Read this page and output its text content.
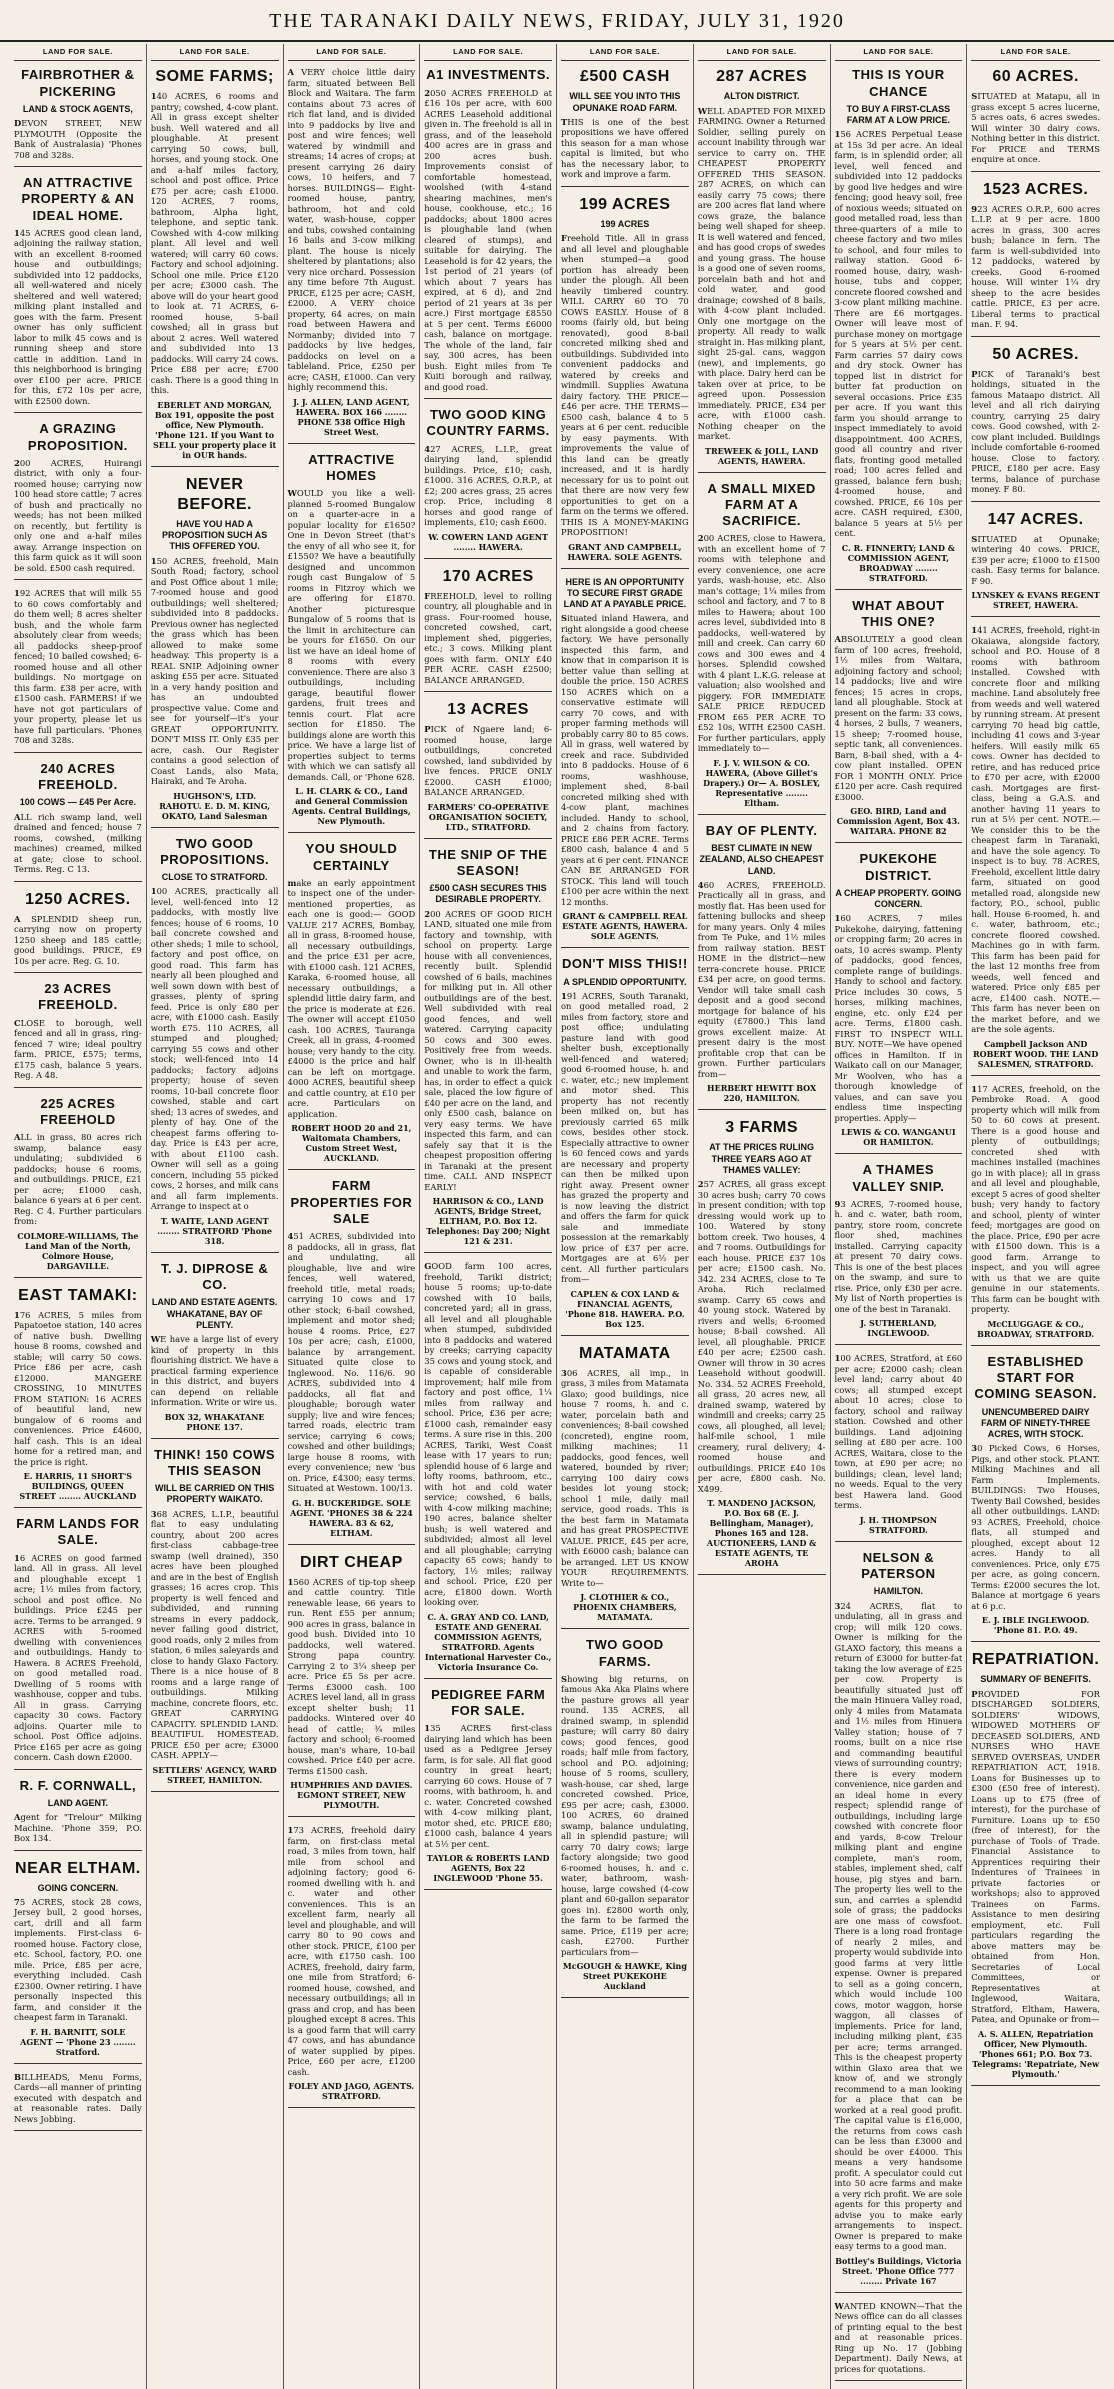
THE TARANAKI DAILY NEWS, FRIDAY, JULY 31, 1920
LAND FOR SALE.
FAIRBROTHER & PICKERING
LAND & STOCK AGENTS,

DEVON STREET, NEW PLYMOUTH (Opposite the Bank of Australasia) 'Phones 708 and 328s.

AN ATTRACTIVE PROPERTY & AN IDEAL HOME.

145 ACRES good clean land, adjoining the railway station, with an excellent 8-roomed house and outbuildings; subdivided into 12 paddocks, all well-watered and nicely sheltered and well watered; milking plant installed and goes with the farm. Present owner has only sufficient labor to milk 45 cows and is running sheep and store cattle in addition. Land in this neighborhood is bringing over £100 per acre. PRICE for this, £72 10s per acre, with £2500 down.

A GRAZING PROPOSITION.

200 ACRES, Huirangi district, with only a four-roomed house; carrying now 100 head store cattle; 7 acres of bush and practically no weeds; has not been milked on recently, but fertility is only one and a-half miles away. Arrange inspection on this farm quick as it will soon be sold. £500 cash required.

192 ACRES that will milk 55 to 60 cows comfortably and do them well; 8 acres shelter bush, and the whole farm absolutely clear from weeds; all paddocks sheep-proof fenced; 10 bailed cowshed; 6-roomed house and all other buildings. No mortgage on this farm. £38 per acre, with £1500 cash. FARMERS! if we have not got particulars of your property, please let us have full particulars. 'Phones 708 and 328s.

240 ACRES FREEHOLD.
100 COWS — £45 Per Acre.

ALL rich swamp land, well drained and fenced; house 7 rooms, cowshed, (milking machines) creamed, milked at gate; close to school. Terms. Reg. C 13.

1250 ACRES.

A SPLENDID sheep run, carrying now on property 1250 sheep and 185 cattle; good buildings. PRICE, £9 10s per acre. Reg. G. 10.

23 ACRES FREEHOLD.

CLOSE to borough, well fenced and all in grass, ring-fenced 7 wire; ideal poultry farm. PRICE, £575; terms, £175 cash, balance 5 years. Reg. A 48.

225 ACRES FREEHOLD

ALL in grass, 80 acres rich swamp, balance easy undulating; subdivided 6 paddocks; house 6 rooms, and outbuildings. PRICE, £21 per acre; £1000 cash, balance 6 years at 6 per cent. Reg. C 4. Further particulars from:

COLMORE-WILLIAMS, The Land Man of the North, Colmore House, DARGAVILLE.
EAST TAMAKI:

176 ACRES, 5 miles from Papatoetoe station, 140 acres of native bush. Dwelling house 8 rooms, cowshed and stable; will carry 50 cows. Price £86 per acre, cash £12000. MANGERE CROSSING, 10 MINUTES FROM STATION: 16 ACRES of beautiful land, new bungalow of 6 rooms and conveniences. Price £4600, half cash. This is an ideal home for a retired man, and the price is right.

E. HARRIS, 11 SHORT'S BUILDINGS, QUEEN STREET ........ AUCKLAND
FARM LANDS FOR SALE.

16 ACRES on good farmed land. All in grass. All level and ploughable except 1 acre; 1½ miles from factory, school and post office. No buildings. Price £245 per acre. Terms to be arranged. 9 ACRES with 5-roomed dwelling with conveniences and outbuildings. Handy to Hawera. 8 ACRES Freehold, on good metalled road. Dwelling of 5 rooms with washhouse, copper and tubs. All in grass. Carrying capacity 30 cows. Factory adjoins. Quarter mile to school. Post Office adjoins. Price £165 per acre as going concern. Cash down £2000.

R. F. CORNWALL,
LAND AGENT.

Agent for "Trelour" Milking Machine. 'Phone 359, P.O. Box 134.

NEAR ELTHAM.
GOING CONCERN.

75 ACRES, stock 28 cows, Jersey bull, 2 good horses, cart, drill and all farm implements. First-class 6-roomed house. Factory close, etc. School, factory, P.O. one mile. Price, £85 per acre, everything included. Cash £2300. Owner retiring. I have personally inspected this farm, and consider it the cheapest farm in Taranaki.

F. H. BARNITT, SOLE AGENT — 'Phone 23 ........ Stratford.

BILLHEADS, Menu Forms, Cards—all manner of printing executed with despatch and at reasonable rates. Daily News Jobbing.

LAND FOR SALE.
SOME FARMS;

140 ACRES, 6 rooms and pantry; cowshed, 4-cow plant. All in grass except shelter bush. Well watered and all ploughable. At present carrying 50 cows, bull, horses, and young stock. One and a-half miles factory, school and post office. Price £75 per acre; cash £1000. 120 ACRES, 7 rooms, bathroom, Alpha light, telephone, and septic tank. Cowshed with 4-cow milking plant. All level and well watered; will carry 60 cows. Factory and school adjoining. School one mile. Price £120 per acre; £3000 cash. The above will do your heart good to look at. 71 ACRES, 6-roomed house, 5-bail cowshed; all in grass but about 2 acres. Well watered and subdivided into 13 paddocks. Will carry 24 cows. Price £88 per acre; £700 cash. There is a good thing in this.

EBERLET AND MORGAN, Box 191, opposite the post office, New Plymouth. 'Phone 121. If you Want to SELL your property place it in OUR hands.
NEVER BEFORE.
HAVE YOU HAD A PROPOSITION SUCH AS THIS OFFERED YOU.

150 ACRES, freehold, Main South Road; factory, school and Post Office about 1 mile; 7-roomed house and good outbuildings; well sheltered; subdivided into 8 paddocks. Previous owner has neglected the grass which has been allowed to make some headway. This property is a REAL SNIP. Adjoining owner asking £55 per acre. Situated in a very handy position and has an undoubted prospective value. Come and see for yourself—it's your GREAT OPPORTUNITY. DON'T MISS IT. Only £35 per acre, cash. Our Register contains a good selection of Coast Lands, also Mata, Hairaki, and Te Aroha.

HUGHSON'S, LTD. RAHOTU. E. D. M. KING, OKATO, Land Salesman
TWO GOOD PROPOSITIONS.
CLOSE TO STRATFORD.

100 ACRES, practically all level, well-fenced into 12 paddocks, with mostly live fences; house of 6 rooms, 10 bail concrete cowshed and other sheds; 1 mile to school, factory and post office, on good road. This farm has nearly all been ploughed and well sown down with best of grasses, plenty of spring feed. Price is only £80 per acre, with £1000 cash. Easily worth £75. 110 ACRES, all stumped and ploughed; carrying 55 cows and other stock; well-fenced into 14 paddocks; factory adjoins property; house of seven rooms, 10-bail concrete floor cowshed, stable and cart shed; 13 acres of swedes, and plenty of hay. One of the cheapest farms offering to-day. Price is £43 per acre, with about £1100 cash. Owner will sell as a going concern, including 55 picked cows, 2 horses, and milk cans and all farm implements. Arrange to inspect at o

T. WAITE, LAND AGENT ........ STRATFORD 'Phone 318.
T. J. DIPROSE & CO.
LAND AND ESTATE AGENTS. WHAKATANE, BAY OF PLENTY.

WE have a large list of every kind of property in this flourishing district. We have a practical farming experience in this district, and buyers can depend on reliable information. Write or wire us.

BOX 32, WHAKATANE PHONE 137.
THINK! 150 COWS THIS SEASON
WILL BE CARRIED ON THIS PROPERTY WAIKATO.

368 ACRES, L.I.P., beautiful flat to easy undulating country, about 200 acres first-class cabbage-tree swamp (well drained), 350 acres have been ploughed and are in the best of English grasses; 16 acres crop. This property is well fenced and subdivided, and running streams in every paddock, never failing good district, good roads, only 2 miles from station, 6 miles saleyards and close to handy Glaxo Factory. There is a nice house of 8 rooms and a large range of outbuildings. Milking machine, concrete floors, etc. GREAT CARRYING CAPACITY. SPLENDID LAND. BEAUTIFUL HOMESTEAD. PRICE £50 per acre; £3000 CASH. APPLY—

SETTLERS' AGENCY, WARD STREET, HAMILTON.
LAND FOR SALE.

A VERY choice little dairy farm, situated between Bell Block and Waitara. The farm contains about 73 acres of rich flat land, and is divided into 9 paddocks by live and post and wire fences; well watered by windmill and streams; 14 acres of crops; at present carrying 26 dairy cows, 10 heifers, and 7 horses. BUILDINGS— Eight-roomed house, pantry, bathroom, hot and cold water, wash-house, copper and tubs, cowshed containing 16 bails and 3-cow milking plant. The house is nicely sheltered by plantations; also very nice orchard. Possession any time before 7th August. PRICE, £125 per acre; CASH, £2000. A VERY choice property, 64 acres, on main road between Hawera and Normanby; divided into 7 paddocks by live hedges, paddocks on level on a tableland. Price, £250 per acre; CASH, £1000. Can very highly recommend this.

J. J. ALLEN, LAND AGENT, HAWERA. BOX 166 ........ PHONE 538 Office High Street West.
ATTRACTIVE HOMES

WOULD you like a well-planned 5-roomed Bungalow on a quarter-acre in a popular locality for £1650? One in Devon Street (that's the envy of all who see it, for £1550? We have a beautifully designed and uncommon rough cast Bungalow of 5 rooms in Fitzroy which we are offering for £1870. Another picturesque Bungalow of 5 rooms that is the limit in architecture can be yours for £1650. On our list we have an ideal home of 8 rooms with every convenience. There are also 3 outbuildings, including garage, beautiful flower gardens, fruit trees and tennis court. Flat acre section for £1850. The buildings alone are worth this price. We have a large list of properties subject to terms with which we can satisfy all demands. Call, or 'Phone 628.

L. H. CLARK & CO., Land and General Commission Agents. Central Buildings, New Plymouth.
YOU SHOULD CERTAINLY

make an early appointment to inspect one of the under-mentioned properties, as each one is good:— GOOD VALUE 217 ACRES, Bombay, all in grass, 8-roomed house, all necessary outbuildings, and the price £31 per acre, with £1000 cash. 121 ACRES, Karaka, 6-roomed house, all necessary outbuildings, a splendid little dairy farm, and the price is moderate at £26. The owner will accept £1050 cash. 100 ACRES, Tauranga Creek, all in grass, 4-roomed house; very handy to the city. £4000 is the price and half can be left on mortgage. 4000 ACRES, beautiful sheep and cattle country, at £10 per acre. Particulars on application.

ROBERT HOOD 20 and 21, Waitomata Chambers, Custom Street West, AUCKLAND.
FARM PROPERTIES FOR SALE

451 ACRES, subdivided into 8 paddocks, all in grass, flat and undulating, all ploughable, live and wire fences, well watered, freehold title, metal roads; carrying 10 cows and 17 other stock; 6-bail cowshed, implement and motor shed; house 4 rooms. Price, £27 10s per acre; cash, £1000, balance by arrangement. Situated quite close to Inglewood. No. 116/6. 90 ACRES, subdivided into 4 paddocks, all flat and ploughable; borough water supply; live and wire fences; tarred roads, electric tram service; carrying 6 cows; cowshed and other buildings; large house 8 rooms, with every convenience; new 'bus on. Price, £4300; easy terms. Situated at Westown. 100/13.

G. H. BUCKERIDGE. SOLE AGENT. 'PHONES 38 & 224 HAWERA. 83 & 62, ELTHAM.
DIRT CHEAP

1560 ACRES of tip-top sheep and cattle country. Title renewable lease, 66 years to run. Rent £55 per annum; 900 acres in grass, balance in good bush. Divided into 10 paddocks, well watered. Strong papa country. Carrying 2 to 3¼ sheep per acre. Price £5 5s per acre. Terms £3000 cash. 100 ACRES level land, all in grass except shelter bush; 11 paddocks. Wintered over 40 head of cattle; ¾ miles factory and school; 6-roomed house, man's whare, 10-bail cowshed. Price £40 per acre. Terms £1500 cash.

HUMPHRIES AND DAVIES. EGMONT STREET, NEW PLYMOUTH.

173 ACRES, freehold dairy farm, on first-class metal road, 3 miles from town, half mile from school and adjoining factory; good 6-roomed dwelling with h. and c. water and other conveniences. This is an excellent farm, nearly all level and ploughable, and will carry 80 to 90 cows and other stock. PRICE, £100 per acre, with £1750 cash. 100 ACRES, freehold, dairy farm, one mile from Stratford; 6-roomed house, cowshed, and necessary outbuildings; all in grass and crop, and has been ploughed except 8 acres. This is a good farm that will carry 47 cows, and has abundance of water supplied by pipes. Price, £60 per acre, £1200 cash.

FOLEY AND JAGO, AGENTS. STRATFORD.
LAND FOR SALE.
A1 INVESTMENTS.

2050 ACRES FREEHOLD at £16 10s per acre, with 600 ACRES Leasehold additional given in. The freehold is all in grass, and of the leasehold 400 acres are in grass and 200 acres bush. Improvements consist of comfortable homestead, woolshed (with 4-stand shearing machines, men's house, cookhouse, etc.; 16 paddocks; about 1800 acres is ploughable land (when cleared of stumps), and suitable for dairying. The Leasehold is for 42 years, the 1st period of 21 years (of which about 7 years has expired, at 6 d), and 2nd period of 21 years at 3s per acre.) First mortgage £8550 at 5 per cent. Terms £6000 cash, balance on mortgage. The whole of the land, fair say, 300 acres, has been bush. Eight miles from Te Kuiti borough and railway, and good road.

TWO GOOD KING COUNTRY FARMS.

427 ACRES, L.I.P., great dairying land, splendid buildings. Price, £10; cash, £1000. 316 ACRES, O.R.P., at £2; 200 acres grass, 25 acres crop. Price, including 8 horses and good range of implements, £10; cash £600.

W. COWERN LAND AGENT ........ HAWERA.
170 ACRES

FREEHOLD, level to rolling country, all ploughable and in grass. Four-roomed house, concreted cowshed, cart, implement shed, piggeries, etc.; 3 cows. Milking plant goes with farm. ONLY £40 PER ACRE. CASH £2500; BALANCE ARRANGED.

13 ACRES

PICK of Ngaere land; 6-roomed house, large outbuildings, concreted cowshed, land subdivided by live fences. PRICE ONLY £2000. CASH £1000; BALANCE ARRANGED.

FARMERS' CO-OPERATIVE ORGANISATION SOCIETY, LTD., STRATFORD.
THE SNIP OF THE SEASON!
£500 CASH SECURES THIS DESIRABLE PROPERTY.

200 ACRES OF GOOD RICH LAND, situated one mile from factory and township, with school on property. Large house with all conveniences, recently built. Splendid cowshed of 6 bails, machines for milking put in. All other outbuildings are of the best. Well subdivided with real good fences, and well watered. Carrying capacity 50 cows and 300 ewes. Positively free from weeds. Owner, who is in ill-health and unable to work the farm, has, in order to effect a quick sale, placed the low figure of £40 per acre on the land, and only £500 cash, balance on very easy terms. We have inspected this farm, and can safely say that it is the cheapest proposition offering in Taranaki at the present time. CALL AND INSPECT EARLY!

HARRISON & CO., LAND AGENTS, Bridge Street, ELTHAM, P.O. Box 12. Telephones: Day 200; Night 121 & 231.

GOOD farm 100 acres, freehold, Tariki district; house 5 rooms; up-to-date cowshed with 10 bails, concreted yard; all in grass, all level and all ploughable when stumped, subdivided into 8 paddocks and watered by creeks; carrying capacity 35 cows and young stock, and is capable of considerable improvement; half mile from factory and post office, 1¼ miles from railway and school. Price, £36 per acre; £1000 cash, remainder easy terms. A sure rise in this. 200 ACRES, Tariki, West Coast lease with 17 years to run; splendid house of 6 large and lofty rooms, bathroom, etc., with hot and cold water service; cowshed, 6 bails, with 4-cow milking machine; 190 acres, balance shelter bush; is well watered and subdivided; almost all level and all ploughable; carrying capacity 65 cows; handy to factory, 1½ miles; railway and school. Price, £20 per acre, £1800 down. Worth looking over.

C. A. GRAY AND CO. LAND, ESTATE AND GENERAL COMMISSION AGENTS, STRATFORD. Agents International Harvester Co., Victoria Insurance Co.
PEDIGREE FARM FOR SALE.

135 ACRES first-class dairying land which has been used as a Pedigree Jersey farm, is for sale. All flat good country in great heart; carrying 60 cows. House of 7 rooms, with bathroom, h. and c. water. Concreted cowshed with 4-cow milking plant, motor shed, etc. PRICE £80; £1000 cash, balance 4 years at 5½ per cent.

TAYLOR & ROBERTS LAND AGENTS, Box 22 INGLEWOOD 'Phone 55.
LAND FOR SALE.
£500 CASH
WILL SEE YOU INTO THIS OPUNAKE ROAD FARM.

THIS is one of the best propositions we have offered this season for a man whose capital is limited, but who has the necessary labor, to work and improve a farm.

199 ACRES
199 ACRES

Freehold Title. All in grass and all level and ploughable when stumped—a good portion has already been under the plough. All been heavily timbered country. WILL CARRY 60 TO 70 COWS EASILY. House of 8 rooms (fairly old, but being renovated), good 8-bail concreted milking shed and outbuildings. Subdivided into convenient paddocks and watered by creeks and windmill. Supplies Awatuna dairy factory. THE PRICE—£46 per acre. THE TERMS—£500 cash, balance 4 to 5 years at 6 per cent. reducible by easy payments. With improvements the value of this land can be greatly increased, and it is hardly necessary for us to point out that there are now very few opportunities to get on a farm on the terms we offered. THIS IS A MONEY-MAKING PROPOSITION!

GRANT AND CAMPBELL, HAWERA. SOLE AGENTS.
HERE IS AN OPPORTUNITY TO SECURE FIRST GRADE LAND AT A PAYABLE PRICE.

Situated inland Hawera, and right alongside a good cheese factory. We have personally inspected this farm, and know that in comparison it is better value than selling at double the price. 150 ACRES 150 ACRES which on a conservative estimate will carry 70 cows, and with proper farming methods will probably carry 80 to 85 cows. All in grass, well watered by creek and race. Subdivided into 8 paddocks. House of 6 rooms, washhouse, implement shed, 8-bail concreted milking shed with 4-cow plant, machines included. Handy to school, and 2 chains from factory. PRICE £86 PER ACRE. Terms £800 cash, balance 4 and 5 years at 6 per cent. FINANCE CAN BE ARRANGED FOR STOCK. This land will touch £100 per acre within the next 12 months.

GRANT & CAMPBELL REAL ESTATE AGENTS, HAWERA. SOLE AGENTS.
DON'T MISS THIS!!
A SPLENDID OPPORTUNITY.

191 ACRES, South Taranaki, on good metalled road, 2 miles from factory, store and post office; undulating pasture land with good shelter bush, exceptionally well-fenced and watered; good 6-roomed house, h. and c. water, etc.; new implement and motor shed. This property has not recently been milked on, but has previously carried 65 milk cows, besides other stock. Especially attractive to owner is 60 fenced cows and yards are necessary and property can then be milked upon right away. Present owner has grazed the property and is now leaving the district and offers the farm for quick sale and immediate possession at the remarkably low price of £37 per acre. Mortgages are at 6½ per cent. All further particulars from—

CAPLEN & COX LAND & FINANCIAL AGENTS, 'Phone 818. HAWERA. P.O. Box 125.
MATAMATA

306 ACRES, all imp., in grass, 3 miles from Matamata Glaxo; good buildings, nice house 7 rooms, h. and c. water, porcelain bath and conveniences; 8-bail cowshed (concreted), engine room, milking machines; 11 paddocks, good fences, well watered, bounded by river; carrying 100 dairy cows besides lot young stock; school 1 mile, daily mail service, good roads. This is the best farm in Matamata and has great PROSPECTIVE VALUE. PRICE, £45 per acre, with £6000 cash; balance can be arranged. LET US KNOW YOUR REQUIREMENTS. Write to—

J. CLOTHIER & CO., PHOENIX CHAMBERS, MATAMATA.
TWO GOOD FARMS.

Showing big returns, on famous Aka Aka Plains where the pasture grows all year round. 135 ACRES, all drained swamp, in splendid pasture; will carry 80 dairy cows; good fences, good roads; half mile from factory, school and P.O. adjoining; house of 5 rooms, scullery, wash-house, car shed, large concreted cowshed. Price, £95 per acre; cash, £3000. 100 ACRES, 60 drained swamp, balance undulating, all in splendid pasture; will carry 70 dairy cows; large factory alongside; two good 6-roomed houses, h. and c. water, bathroom, wash-house, large cowshed (4-cow plant and 60-gallon separator goes in). £2800 worth only, the farm to be farmed the same. Price, £119 per acre; cash, £2700. Further particulars from—

McGOUGH & HAWKE, King Street PUKEKOHE Auckland
LAND FOR SALE.
287 ACRES
ALTON DISTRICT.

WELL ADAPTED FOR MIXED FARMING. Owner a Returned Soldier, selling purely on account inability through war service to carry on. THE CHEAPEST PROPERTY OFFERED THIS SEASON. 287 ACRES, on which can easily carry 75 cows; there are 200 acres flat land where cows graze, the balance being well shaped for sheep. It is well watered and fenced, and has good crops of swedes and young grass. The house is a good one of seven rooms, porcelain bath and hot and cold water, and good drainage; cowshed of 8 bails, with 4-cow plant included. Only one mortgage on the property. All ready to walk straight in. Has milking plant, sight 25-gal. cans, waggon (new), and implements, go with place. Dairy herd can be taken over at price, to be agreed upon. Possession immediately. PRICE, £34 per acre, with £1000 cash. Nothing cheaper on the market.

TREWEEK & JOLL, LAND AGENTS, HAWERA.
A SMALL MIXED FARM AT A SACRIFICE.

200 ACRES, close to Hawera, with an excellent home of 7 rooms with telephone and every convenience, one acre yards, wash-house, etc. Also man's cottage; 1¼ miles from school and factory, and 7 to 8 miles to Hawera; about 100 acres level, subdivided into 8 paddocks, well-watered by mill and creek. Can carry 60 cows and 300 ewes and 4 horses. Splendid cowshed with 4 plant L.K.G. release at valuation; also woolshed and piggery. FOR IMMEDIATE SALE PRICE REDUCED FROM £65 PER ACRE TO £52 10s, WITH £2500 CASH. For further particulars, apply immediately to—

F. J. V. WILSON & CO. HAWERA, (Above Gillet's Drapery.) Or— A. BOSLEY, Representative ........ Eltham.
BAY OF PLENTY.
BEST CLIMATE IN NEW ZEALAND, ALSO CHEAPEST LAND.

460 ACRES, FREEHOLD. Practically all in grass, and mostly flat. Has been used for fattening bullocks and sheep for many years. Only 4 miles from Te Puke, and 1½ miles from railway station. BEST HOME in the district—new terra-concrete house. PRICE £34 per acre, on good terms. Vendor will take small cash deposit and a good second mortgage for balance of his equity (£7800.) This land grows excellent maize. At present dairy is the most profitable crop that can be grown. Further particulars from—

HERBERT HEWITT BOX 220, HAMILTON.
3 FARMS
AT THE PRICES RULING THREE YEARS AGO AT THAMES VALLEY:

257 ACRES, all grass except 30 acres bush; carry 70 cows in present condition; with top dressing would work up to 100. Watered by stony bottom creek. Two houses, 4 and 7 rooms. Outbuildings for each house. PRICE £37 10s per acre; £1500 cash. No. 342. 234 ACRES, close to Te Aroha. Rich reclaimed swamp. Carry 65 cows and 40 young stock. Watered by rivers and wells; 6-roomed house; 8-bail cowshed. All level, all ploughable. PRICE £40 per acre; £2500 cash. Owner will throw in 30 acres Leasehold without goodwill. No. 334. 52 ACRES Freehold, all grass, 20 acres new, all drained swamp, watered by windmill and creeks; carry 25 cows, all ploughed, all level; half-mile school, 1 mile creamery, rural delivery; 4-roomed house and outbuildings. PRICE £40 10s per acre, £800 cash. No. X499.

T. MANDENO JACKSON, P.O. Box 68 (E. J. Bellingham, Manager), Phones 165 and 128. AUCTIONEERS, LAND & ESTATE AGENTS, TE AROHA
LAND FOR SALE.
THIS IS YOUR CHANCE
TO BUY A FIRST-CLASS FARM AT A LOW PRICE.

156 ACRES Perpetual Lease at 15s 3d per acre. An ideal farm, is in splendid order, all level, well fenced and subdivided into 12 paddocks by good live hedges and wire fencing; good heavy soil, free of noxious weeds; situated on good metalled road, less than three-quarters of a mile to cheese factory and two miles to school, and four miles to railway station. Good 6-roomed house, dairy, wash-house, tubs and copper, concrete floored cowshed and 3-cow plant milking machine. There are £6 mortgages. Owner will leave most of purchase money on mortgage for 5 years at 5½ per cent. Farm carries 57 dairy cows and dry stock. Owner has topped list in district for butter fat production on several occasions. Price £35 per acre. If you want this farm you should arrange to inspect immediately to avoid disappointment. 400 ACRES, good all country and river flats, fronting good metalled road; 100 acres felled and grassed, balance fern bush; 4-roomed house, and cowshed. PRICE, £6 10s per acre. CASH required, £300, balance 5 years at 5½ per cent.

C. R. FINNERTY; LAND & COMMISSION AGENT, BROADWAY ........ STRATFORD.
WHAT ABOUT THIS ONE?

ABSOLUTELY a good clean farm of 100 acres, freehold, 1½ miles from Waitara, adjoining factory and school; 14 paddocks; live and wire fences; 15 acres in crops, land all ploughable. Stock at present on the farm: 33 cows, 4 horses, 2 bulls, 7 weaners, 15 sheep; 7-roomed house, septic tank, all conveniences. Barn, 8-bail shed, with a 4-cow plant installed. OPEN FOR 1 MONTH ONLY. Price £120 per acre. Cash required £3000.

GEO. BIRD, Land and Commission Agent, Box 43. WAITARA. PHONE 82
PUKEKOHE DISTRICT.
A CHEAP PROPERTY. GOING CONCERN.

160 ACRES, 7 miles Pukekohe, dairying, fattening or cropping farm; 20 acres in oats, 10 acres swamp. Plenty of paddocks, good fences, complete range of buildings. Handy to school and factory. Price includes 30 cows, 5 horses, milking machines, engine, etc. only £24 per acre. Terms, £1800 cash. FIRST TO INSPECT WILL BUY. NOTE—We have opened offices in Hamilton. If in Waikato call on our Manager, Mr Woolven, who has a thorough knowledge of values, and can save you endless time inspecting properties. Apply—

LEWIS & CO. WANGANUI OR HAMILTON.
A THAMES VALLEY SNIP.

93 ACRES, 7-roomed house, h. and c. water, bath room, pantry, store room, concrete floor shed, machines installed. Carrying capacity at present 70 dairy cows. This is one of the best places on the swamp, and sure to rise. Price, only £30 per acre. My list of North properties is one of the best in Taranaki.

J. SUTHERLAND, INGLEWOOD.

100 ACRES, Stratford, at £60 per acre; £2000 cash; clean level land; carry about 40 cows; all stumped except about 10 acres; close to factory, school and railway station. Cowshed and other buildings. Land adjoining selling at £80 per acre. 100 ACRES, Waitara, close to the town, at £90 per acre; no buildings; clean, level land; no weeds. Equal to the very best Hawera land. Good terms.

J. H. THOMPSON STRATFORD.
NELSON & PATERSON
HAMILTON.

324 ACRES, flat to undulating, all in grass and crop; will milk 120 cows. Owner is milking for the GLAXO factory, this means a return of £3000 for butter-fat taking the low average of £25 per cow. Property is beautifully situated just off the main Hinuera Valley road, only 4 miles from Matamata and 1½ miles from Hinuera Valley station; house of 7 rooms, built on a nice rise and commanding beautiful views of surrounding country; there is every modern convenience, nice garden and an ideal home in every respect; splendid range of outbuildings, including large cowshed with concrete floor and yards, 8-cow Trelour milking plant and engine complete, man's room, stables, implement shed, calf house, pig styes and barn. The property lies well to the sun, and carries a splendid sole of grass; the paddocks are one mass of cowsfoot. There is a long road frontage of nearly 2 miles, and property would subdivide into good farms at very little expense. Owner is prepared to sell as a going concern, which would include 100 cows, motor waggon, horse waggon, all classes of implements. Price for land, including milking plant, £35 per acre; terms arranged. This is the cheapest property within Glaxo area that we know of, and we strongly recommend to a man looking for a place that can be worked at a real good profit. The capital value is £16,000, the returns from cows cash can be less than £3000 and should be over £4000. This means a very handsome profit. A speculator could cut into 50 acre farms and make a very rich profit. We are sole agents for this property and advise you to make early arrangements to inspect. Owner is prepared to make easy terms to a good man.

Bottley's Buildings, Victoria Street. 'Phone Office 777 ........ Private 167

WANTED KNOWN—That the News office can do all classes of printing equal to the best and at reasonable prices. Ring up No. 17 (Jobbing Department). Daily News, at prices for quotations.

LAND FOR SALE.
60 ACRES.

SITUATED at Matapu, all in grass except 5 acres lucerne, 5 acres oats, 6 acres swedes. Will winter 30 dairy cows. Nothing better in this district. For PRICE and TERMS enquire at once.

1523 ACRES.

923 ACRES O.R.P., 600 acres L.I.P. at 9 per acre. 1800 acres in grass, 300 acres bush; balance in fern. The farm is well-subdivided into 12 paddocks, watered by creeks. Good 6-roomed house. Will winter 1¼ dry sheep to the acre besides cattle. PRICE, £3 per acre. Liberal terms to practical man. F. 94.

50 ACRES.

PICK of Taranaki's best holdings, situated in the famous Mataapo district. All level and all rich dairying country, carrying 25 dairy cows. Good cowshed, with 2-cow plant included. Buildings include comfortable 6-roomed house. Close to factory. PRICE, £180 per acre. Easy terms, balance of purchase money. F 80.

147 ACRES.

SITUATED at Opunake; wintering 40 cows. PRICE, £39 per acre; £1000 to £1500 cash. Easy terms for balance. F 90.

LYNSKEY & EVANS REGENT STREET, HAWERA.

141 ACRES, freehold, right-in Okaiawa, alongside factory, school and P.O. House of 8 rooms with bathroom installed. Cowshed with concrete floor and milking machine. Land absolutely free from weeds and well watered by running stream. At present carrying 70 head big cattle, including 41 cows and 3-year heifers. Will easily milk 65 cows. Owner has decided to retire, and has reduced price to £70 per acre, with £2000 cash. Mortgages are first-class, being a G.A.S. and another having 11 years to run at 5½ per cent. NOTE.—We consider this to be the cheapest farm in Taranaki, and have the sole agency. To inspect is to buy. 78 ACRES, Freehold, excellent little dairy farm, situated on good metalled road, alongside new factory, P.O., school, public hall. House 6-roomed, h. and c. water, bathroom, etc.; concrete floored cowshed. Machines go in with farm. This farm has been paid for the last 12 months free from weeds, well fenced and watered. Price only £85 per acre, £1400 cash. NOTE.—This farm has never been on the market before, and we are the sole agents.

Campbell Jackson AND ROBERT WOOD. THE LAND SALESMEN, STRATFORD.

117 ACRES, freehold, on the Pembroke Road. A good property which will milk from 50 to 60 cows at present. There is a good house and plenty of outbuildings; concreted shed with machines installed (machines go in with place); all in grass and all level and ploughable, except 5 acres of good shelter bush; very handy to factory and school, plenty of winter feed; mortgages are good on the place. Price, £90 per acre with £1500 down. This is a good farm. Arrange to inspect, and you will agree with us that we are quite genuine in our statements. This farm can be bought with property.

McCLUGGAGE & CO., BROADWAY, STRATFORD.
ESTABLISHED START FOR COMING SEASON.
UNENCUMBERED DAIRY FARM OF NINETY-THREE ACRES, WITH STOCK.

30 Picked Cows, 6 Horses, Pigs, and other stock. PLANT. Milking Machines and all Farm Implements. BUILDINGS: Two Houses, Twenty Bail Cowshed, besides all other outbuildings. LAND: 93 ACRES, Freehold, choice flats, all stumped and ploughed, except about 12 acres. Handy to all conveniences. Price, only £75 per acre, as going concern. Terms: £2000 secures the lot. Balance at mortgage 6 years at 6 p.c.

E. J. IBLE INGLEWOOD. 'Phone 81. P.O. 49.
REPATRIATION.
SUMMARY OF BENEFITS.

PROVIDED FOR DISCHARGED SOLDIERS, SOLDIERS' WIDOWS, WIDOWED MOTHERS OF DECEASED SOLDIERS, AND NURSES WHO HAVE SERVED OVERSEAS, UNDER REPATRIATION ACT, 1918. Loans for Businesses up to £300 (£50 free of interest). Loans up to £75 (free of interest), for the purchase of Furniture. Loans up to £50 (free of interest), for the purchase of Tools of Trade. Financial Assistance to Apprentices requiring their Indentures of Trainees in private factories or workshops; also to approved Trainees on Farms. Assistance to men desiring employment, etc. Full particulars regarding the above matters may be obtained from Hon. Secretaries of Local Committees, or Representatives at Inglewood, Waitara, Stratford, Eltham, Hawera, Patea, and Opunake or from—

A. S. ALLEN, Repatriation Officer, New Plymouth. 'Phones 661; P.O. Box 73. Telegrams: 'Repatriate, New Plymouth.'
